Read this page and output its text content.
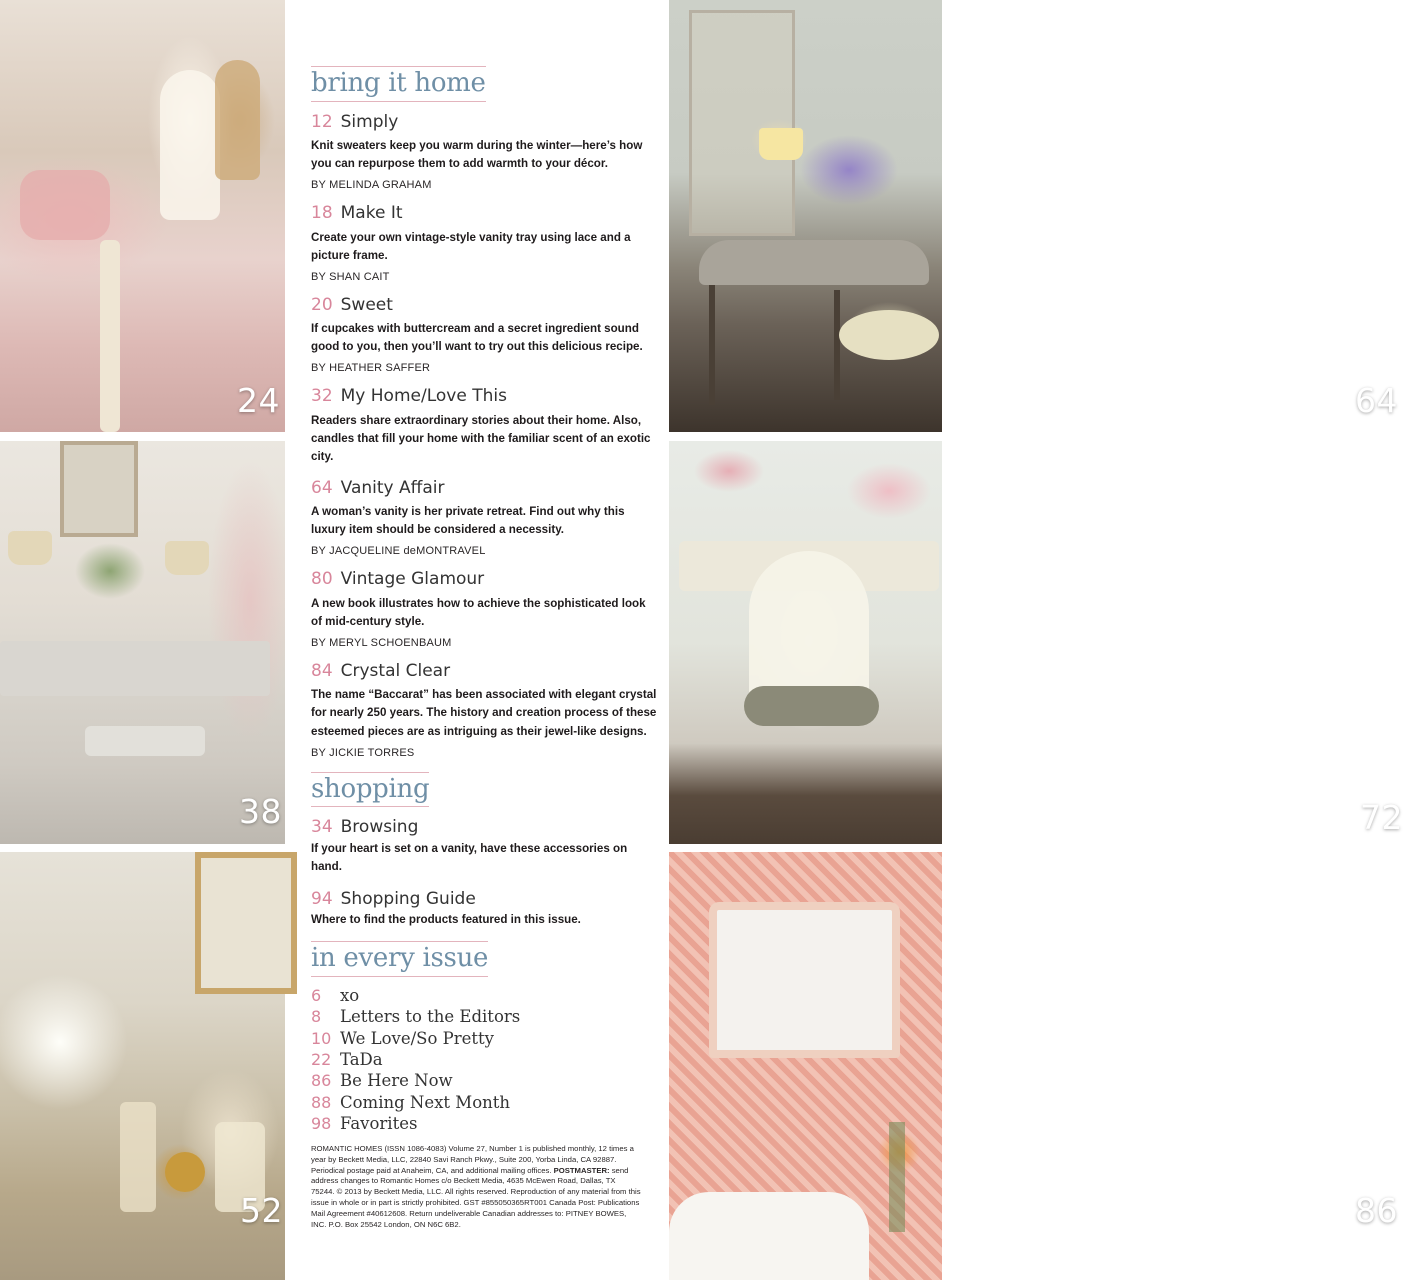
24	64
38	72
52	86
bring it home
12 Simply
Knit sweaters keep you warm during the winter—here’s how you can repurpose them to add warmth to your décor.
BY MELINDA GRAHAM
18 Make It
Create your own vintage-style vanity tray using lace and a picture frame.
BY SHAN CAIT
20 Sweet
If cupcakes with buttercream and a secret ingredient sound good to you, then you’ll want to try out this delicious recipe.
BY HEATHER SAFFER
32 My Home/Love This
Readers share extraordinary stories about their home. Also, candles that fill your home with the familiar scent of an exotic city.
64 Vanity Affair
A woman’s vanity is her private retreat. Find out why this luxury item should be considered a necessity.
BY JACQUELINE deMONTRAVEL
80 Vintage Glamour
A new book illustrates how to achieve the sophisticated look of mid-century style.
BY MERYL SCHOENBAUM
84 Crystal Clear
The name “Baccarat” has been associated with elegant crystal for nearly 250 years. The history and creation process of these esteemed pieces are as intriguing as their jewel-like designs.
BY JICKIE TORRES
shopping
34 Browsing
If your heart is set on a vanity, have these accessories on hand.
94 Shopping Guide
Where to find the products featured in this issue.
in every issue
6 xo
8 Letters to the Editors
10 We Love/So Pretty
22 TaDa
86 Be Here Now
88 Coming Next Month
98 Favorites
ROMANTIC HOMES (ISSN 1086-4083) Volume 27, Number 1 is published monthly, 12 times a year by Beckett Media, LLC, 22840 Savi Ranch Pkwy., Suite 200, Yorba Linda, CA 92887. Periodical postage paid at Anaheim, CA, and additional mailing offices. POSTMASTER: send address changes to Romantic Homes c/o Beckett Media, 4635 McEwen Road, Dallas, TX 75244. © 2013 by Beckett Media, LLC. All rights reserved. Reproduction of any material from this issue in whole or in part is strictly prohibited. GST #855050365RT001 Canada Post: Publications Mail Agreement #40612608. Return undeliverable Canadian addresses to: PITNEY BOWES, INC. P.O. Box 25542 London, ON N6C 6B2.
